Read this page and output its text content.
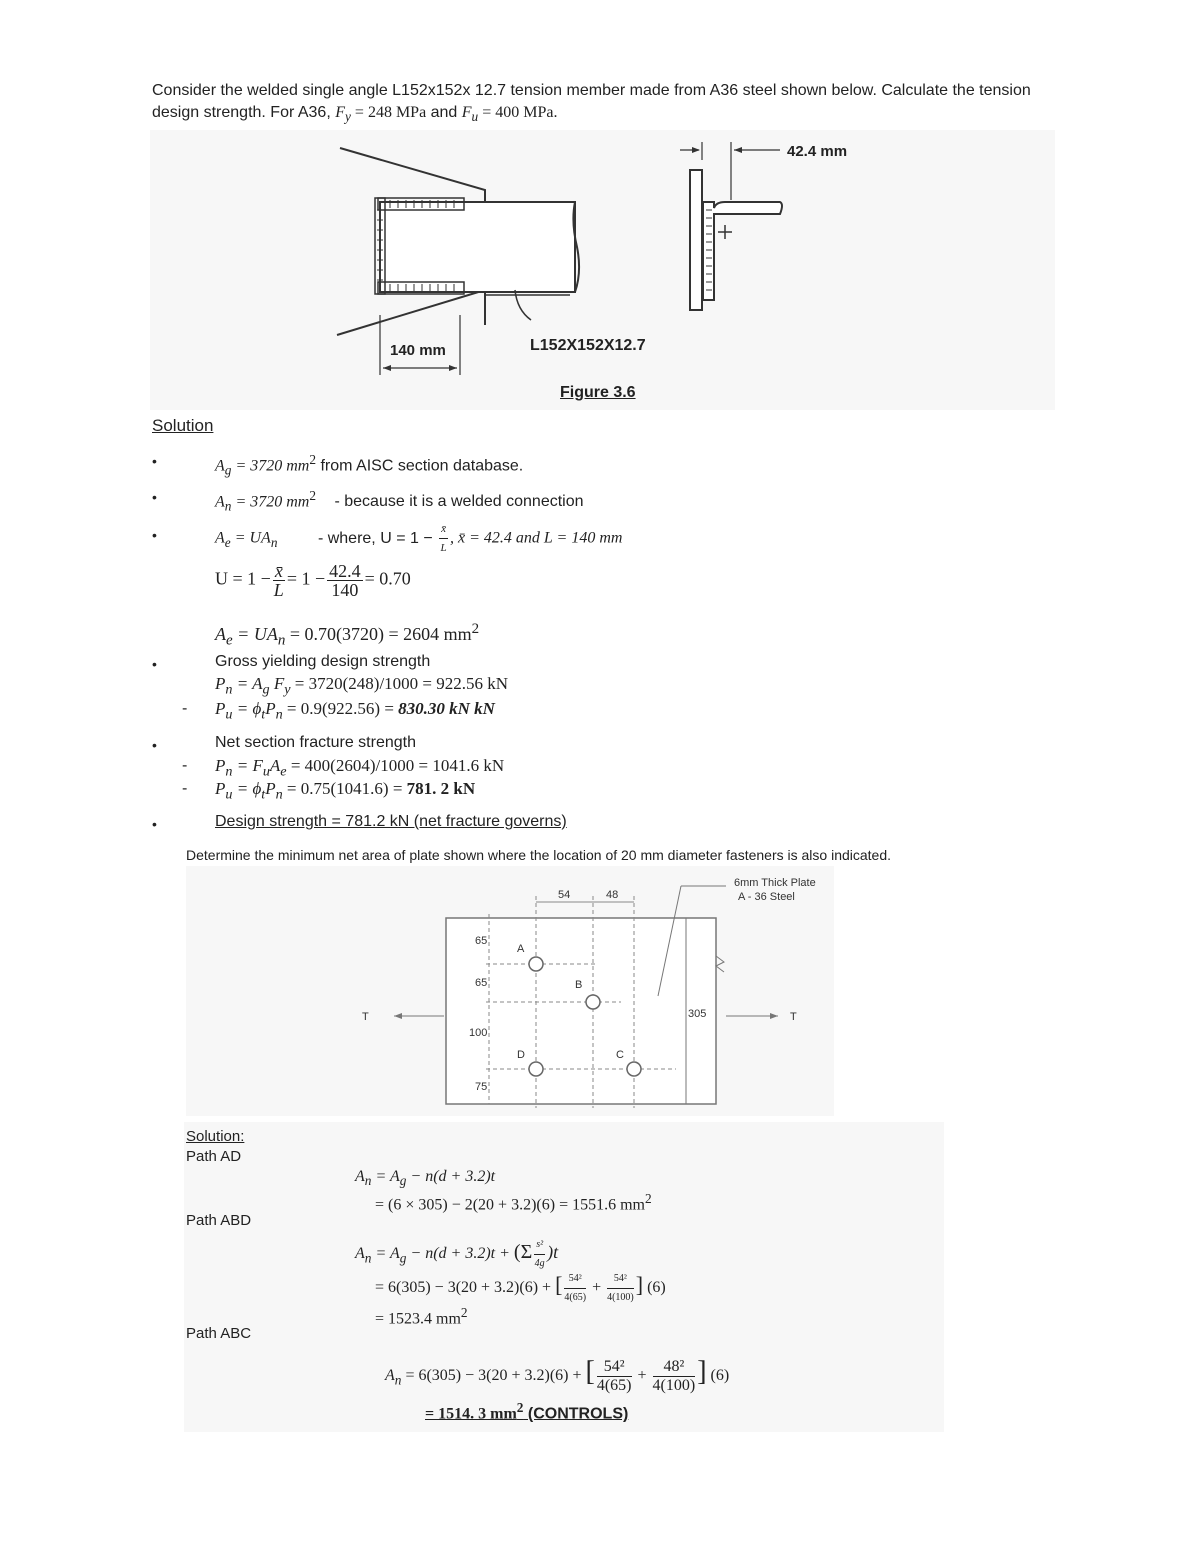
Consider the welded single angle L152x152x 12.7 tension member made from A36 steel shown below. Calculate the tension
design strength. For A36, $F_y = 248$ MPa and $F_u = 400$ MPa.
140 mm	L152X152X12.7
42.4 mm
Figure 3.6
Solution
•	$A_g = 3720$ $mm^2$ from AISC section database.
•	$A_n = 3720$ $mm^2$ - because it is a welded connection
•	$A_e = UA_n$	- where, $U = 1 - \frac{x̄}{L}$ , x̄ = 42.4 and L = 140 mm
$U = 1 - \frac{x̄}{L} = 1 - \frac{42.4}{140} = 0.70$
$A_e = UA_n = 0.70(3720) = 2604$ $mm^2$
•	Gross yielding design strength
$P_n = A_g$ $F_y = 3720(248)/1000 = 922.56$ kN
- $P_u = \phi_tP_n = 0.9(922.56) = 830.30$ kN kN
•	Net section fracture strength
- $P_n = F_uA_e = 400(2604)/1000 = 1041.6$ kN
- $P_u = \phi_tP_n = 0.75(1041.6) = 781$. 2 kN
•	Design strength = 781.2 kN (net fracture governs)
Determine the minimum net area of plate shown where the location of 20 mm diameter fasteners is also indicated.
54	48
A
B
C
D
65
65
100
75
305
T	T
6mm Thick Plate
A - 36 Steel
Solution:
Path AD
$A_n = A_g - n(d + 3.2)t$
= (6 × 305) − 2(20 + 3.2)(6) = 1551.6 $mm^2$
Path ABD
$A_n = A_g - n(d + 3.2)t + (\Sigma \frac{\text{s²}}{4g} )t$
= 6(305) − 3(20 + 3.2)(6) + [ $\frac{\text{54²}}{4(65)} + \frac{\text{54²}}{4(100)}$ ] (6)
= 1523.4 $mm^2$
Path ABC
$A_n = 6(305) - 3(20 + 3.2)(6)$ + [ $\frac{\text{54²}}{4(65)} + \frac{\text{48²}}{4(100)}$ ] (6)
= 1514. 3 $mm^2$ (CONTROLS)
